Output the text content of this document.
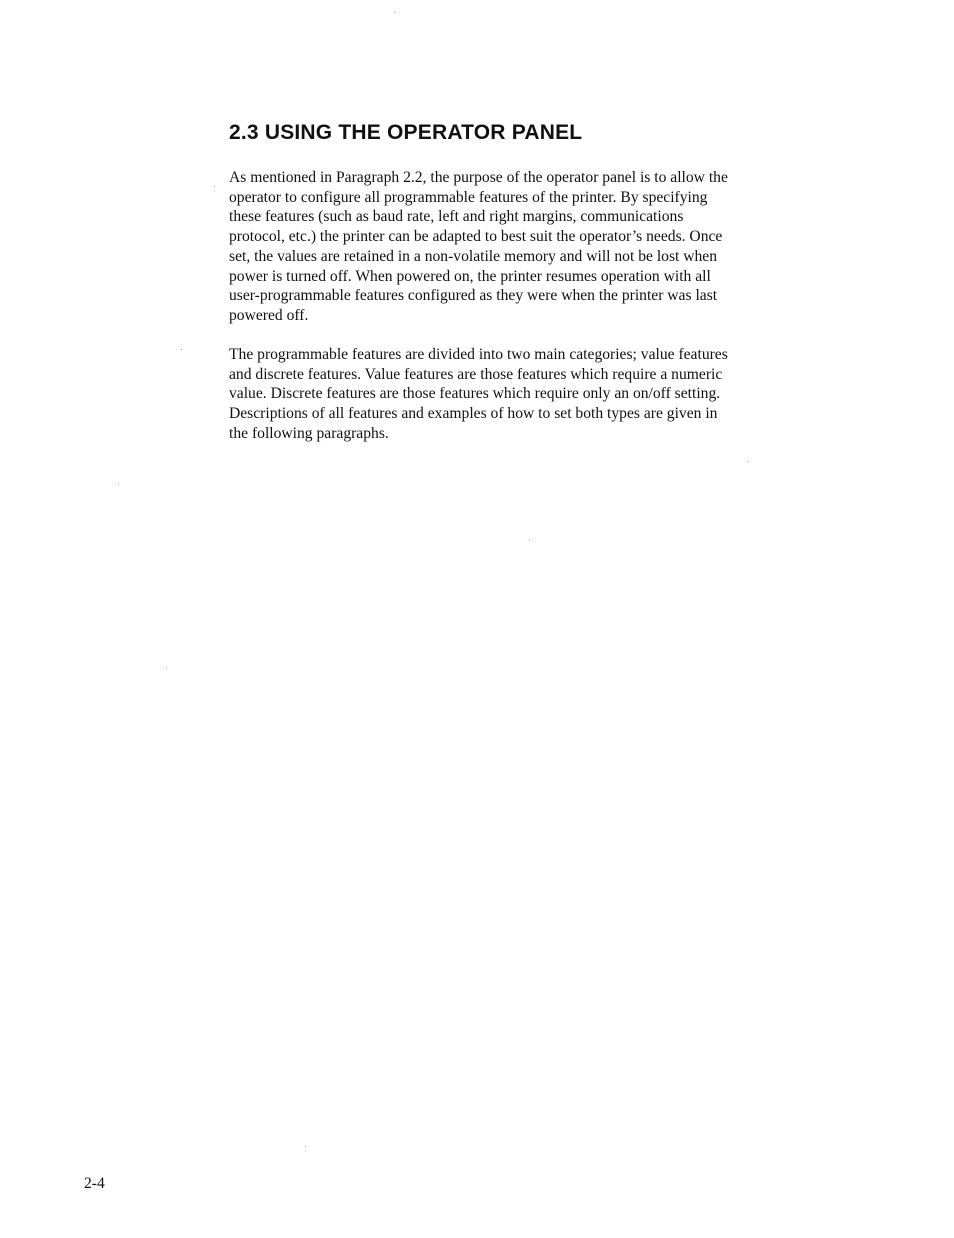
2.3 USING THE OPERATOR PANEL

As mentioned in Paragraph 2.2, the purpose of the operator panel is to allow the
operator to configure all programmable features of the printer. By specifying
these features (such as baud rate, left and right margins, communications
protocol, etc.) the printer can be adapted to best suit the operator’s needs. Once
set, the values are retained in a non-volatile memory and will not be lost when
power is turned off. When powered on, the printer resumes operation with all
user-programmable features configured as they were when the printer was last
powered off.

The programmable features are divided into two main categories; value features
and discrete features. Value features are those features which require a numeric
value. Discrete features are those features which require only an on/off setting.
Descriptions of all features and examples of how to set both types are given in
the following paragraphs.

2-4
